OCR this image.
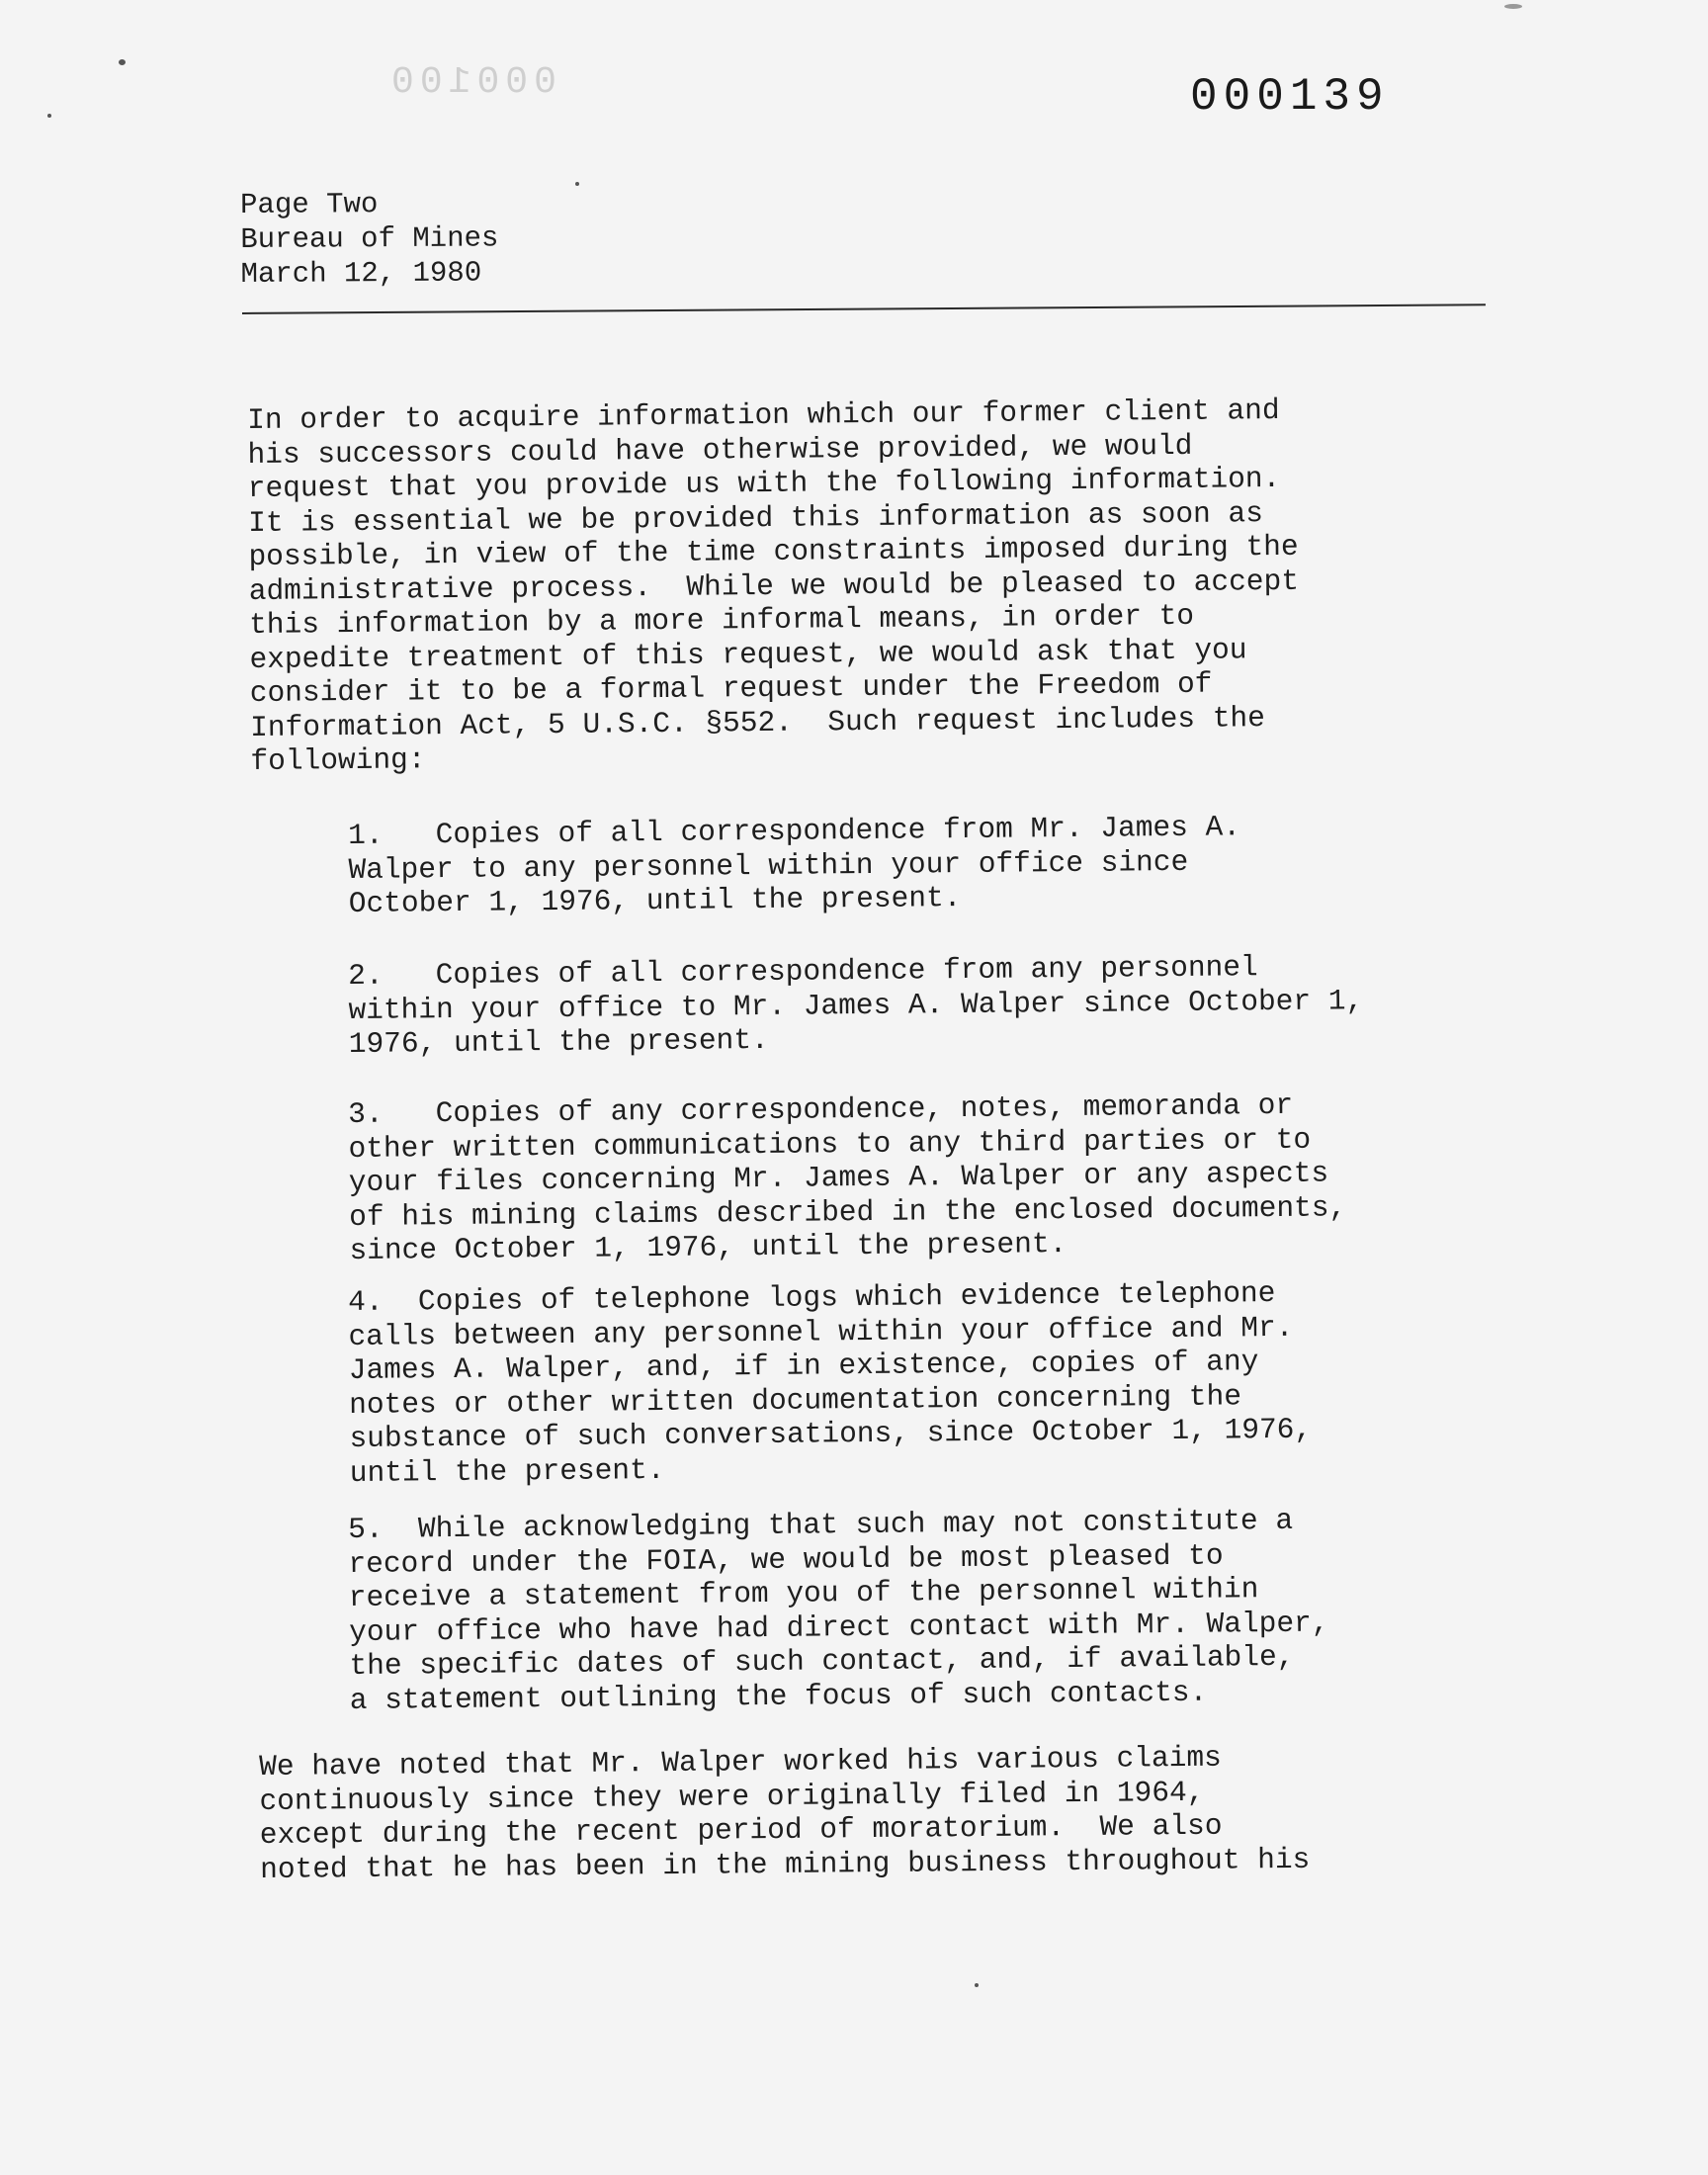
000100	000139
Page Two
Bureau of Mines
March 12, 1980
In order to acquire information which our former client and
his successors could have otherwise provided, we would
request that you provide us with the following information.
It is essential we be provided this information as soon as
possible, in view of the time constraints imposed during the
administrative process.  While we would be pleased to accept
this information by a more informal means, in order to
expedite treatment of this request, we would ask that you
consider it to be a formal request under the Freedom of
Information Act, 5 U.S.C. §552.  Such request includes the
following:
1.   Copies of all correspondence from Mr. James A.
Walper to any personnel within your office since
October 1, 1976, until the present.
2.   Copies of all correspondence from any personnel
within your office to Mr. James A. Walper since October 1,
1976, until the present.
3.   Copies of any correspondence, notes, memoranda or
other written communications to any third parties or to
your files concerning Mr. James A. Walper or any aspects
of his mining claims described in the enclosed documents,
since October 1, 1976, until the present.
4.  Copies of telephone logs which evidence telephone
calls between any personnel within your office and Mr.
James A. Walper, and, if in existence, copies of any
notes or other written documentation concerning the
substance of such conversations, since October 1, 1976,
until the present.
5.  While acknowledging that such may not constitute a
record under the FOIA, we would be most pleased to
receive a statement from you of the personnel within
your office who have had direct contact with Mr. Walper,
the specific dates of such contact, and, if available,
a statement outlining the focus of such contacts.
We have noted that Mr. Walper worked his various claims
continuously since they were originally filed in 1964,
except during the recent period of moratorium.  We also
noted that he has been in the mining business throughout his
